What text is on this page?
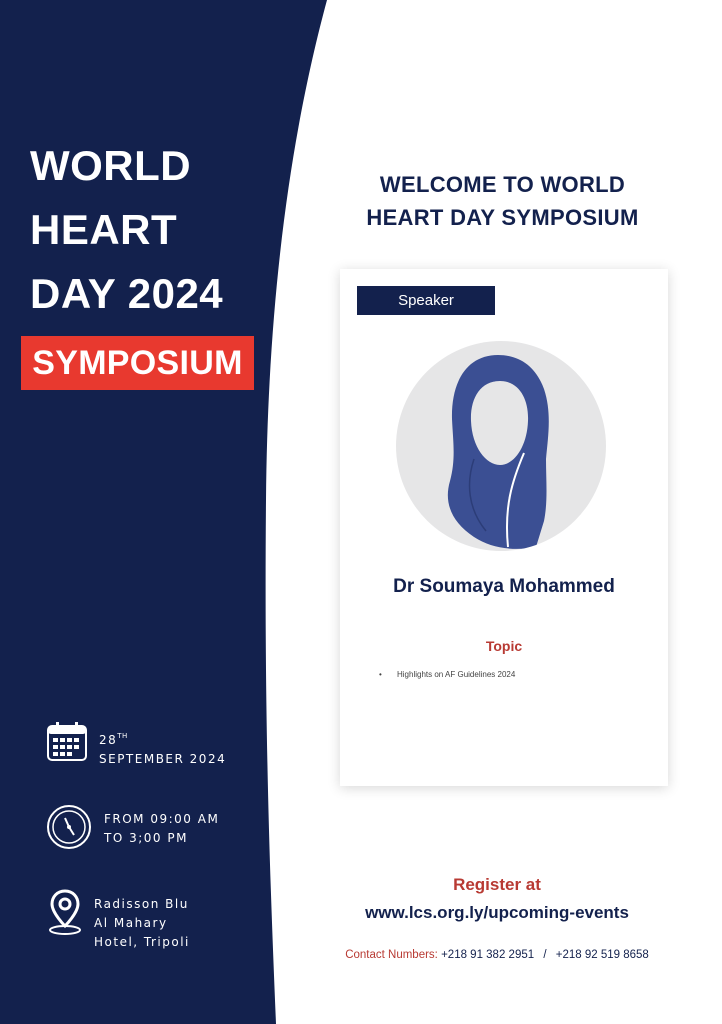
WORLD
HEART
DAY 2024
SYMPOSIUM
28TH
SEPTEMBER 2024
FROM 09:00 AM
TO 3;00 PM
Radisson Blu
Al Mahary
Hotel, Tripoli
WELCOME TO WORLD
HEART DAY SYMPOSIUM
Speaker
Dr Soumaya Mohammed
Topic
• Highlights on AF Guidelines 2024
Register at
www.lcs.org.ly/upcoming-events
Contact Numbers: +218 91 382 2951 / +218 92 519 8658
